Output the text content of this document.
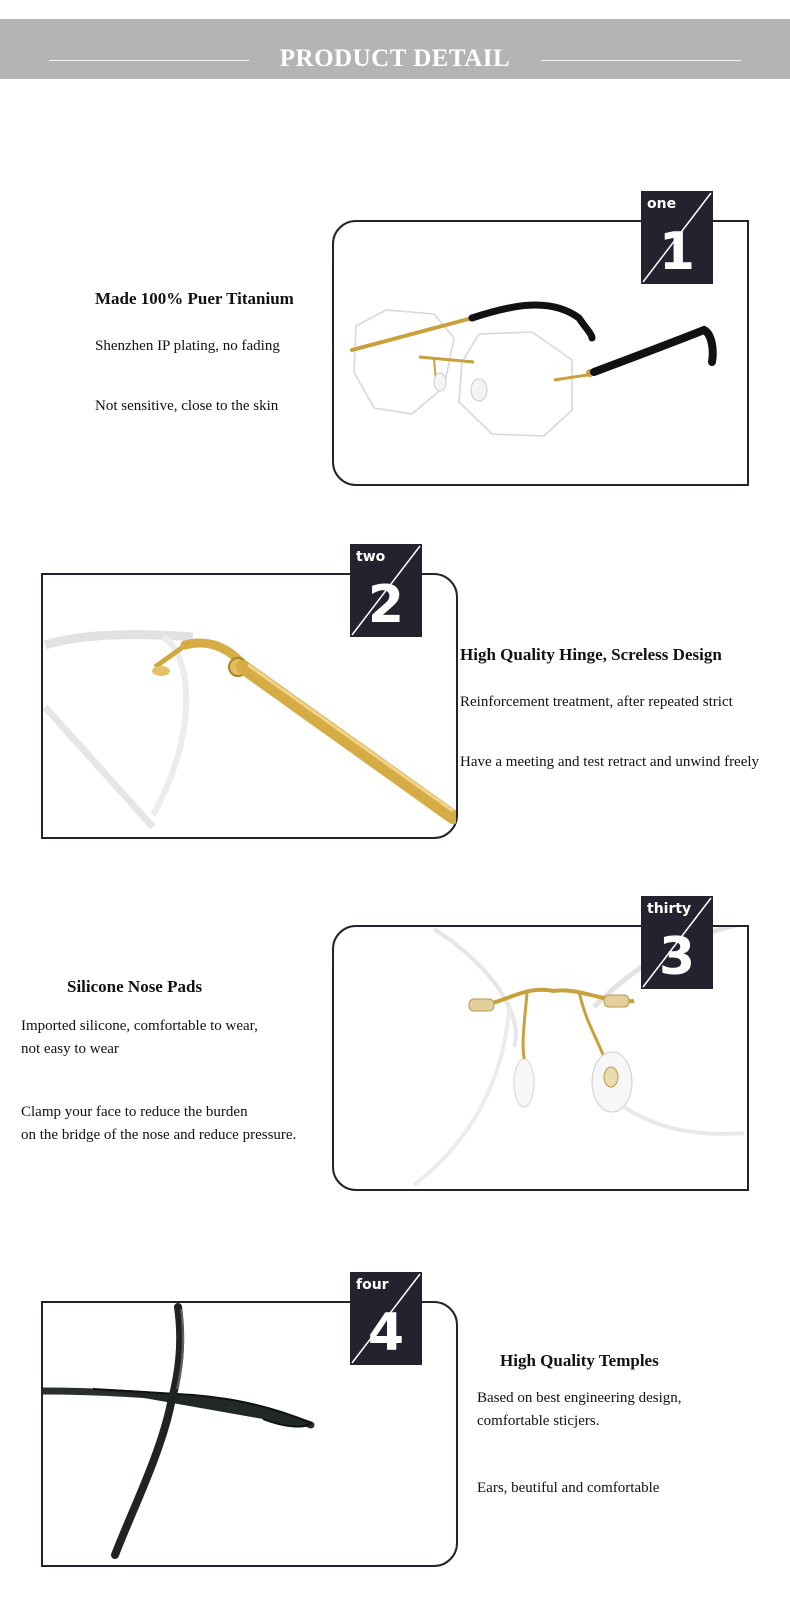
PRODUCT DETAIL

Made 100% Puer Titanium

Shenzhen IP plating, no fading

Not sensitive, close to the skin

one
1
two
2

High Quality Hinge, Screless Design

Reinforcement treatment, after repeated strict

Have a meeting and test retract and unwind freely

Silicone Nose Pads

Imported silicone, comfortable to wear,

not easy to wear

Clamp your face to reduce the burden

on the bridge of the nose and reduce pressure.

thirty
3
four
4	High Quality Temples

Based on best engineering design,

comfortable sticjers.

Ears, beutiful and comfortable
